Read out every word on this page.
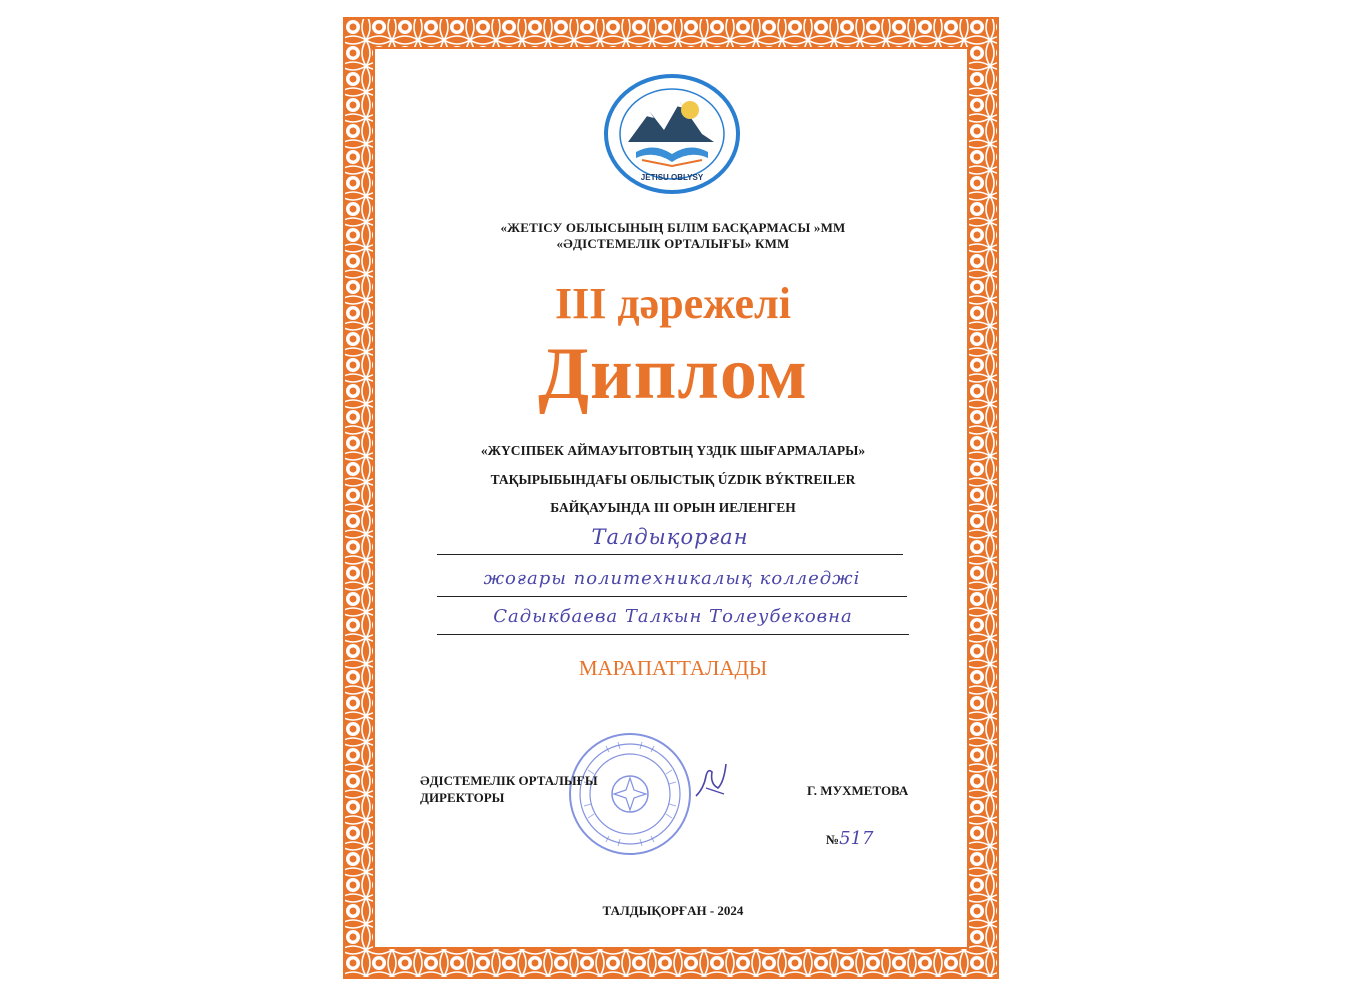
JETISU OBLYSY
«ЖЕТІСУ ОБЛЫСЫНЫҢ БІЛІМ БАСҚАРМАСЫ »ММ
«ӘДІСТЕМЕЛІК ОРТАЛЫҒЫ» КММ
III дәрежелі
Диплом
«ЖҮСІПБЕК АЙМАУЫТОВТЫҢ ҮЗДІК ШЫҒАРМАЛАРЫ»
ТАҚЫРЫБЫНДАҒЫ ОБЛЫСТЫҚ ÚZDIK BÝKTREILER
БАЙҚАУЫНДА III ОРЫН ИЕЛЕНГЕН
Талдықорған
жоғары политехникалық колледжі
Садыкбаева Талкын Толеубековна
МАРАПАТТАЛАДЫ
ӘДІСТЕМЕЛІК ОРТАЛЫҒЫ
ДИРЕКТОРЫ	Г. МУХМЕТОВА
№517
ТАЛДЫҚОРҒАН - 2024
